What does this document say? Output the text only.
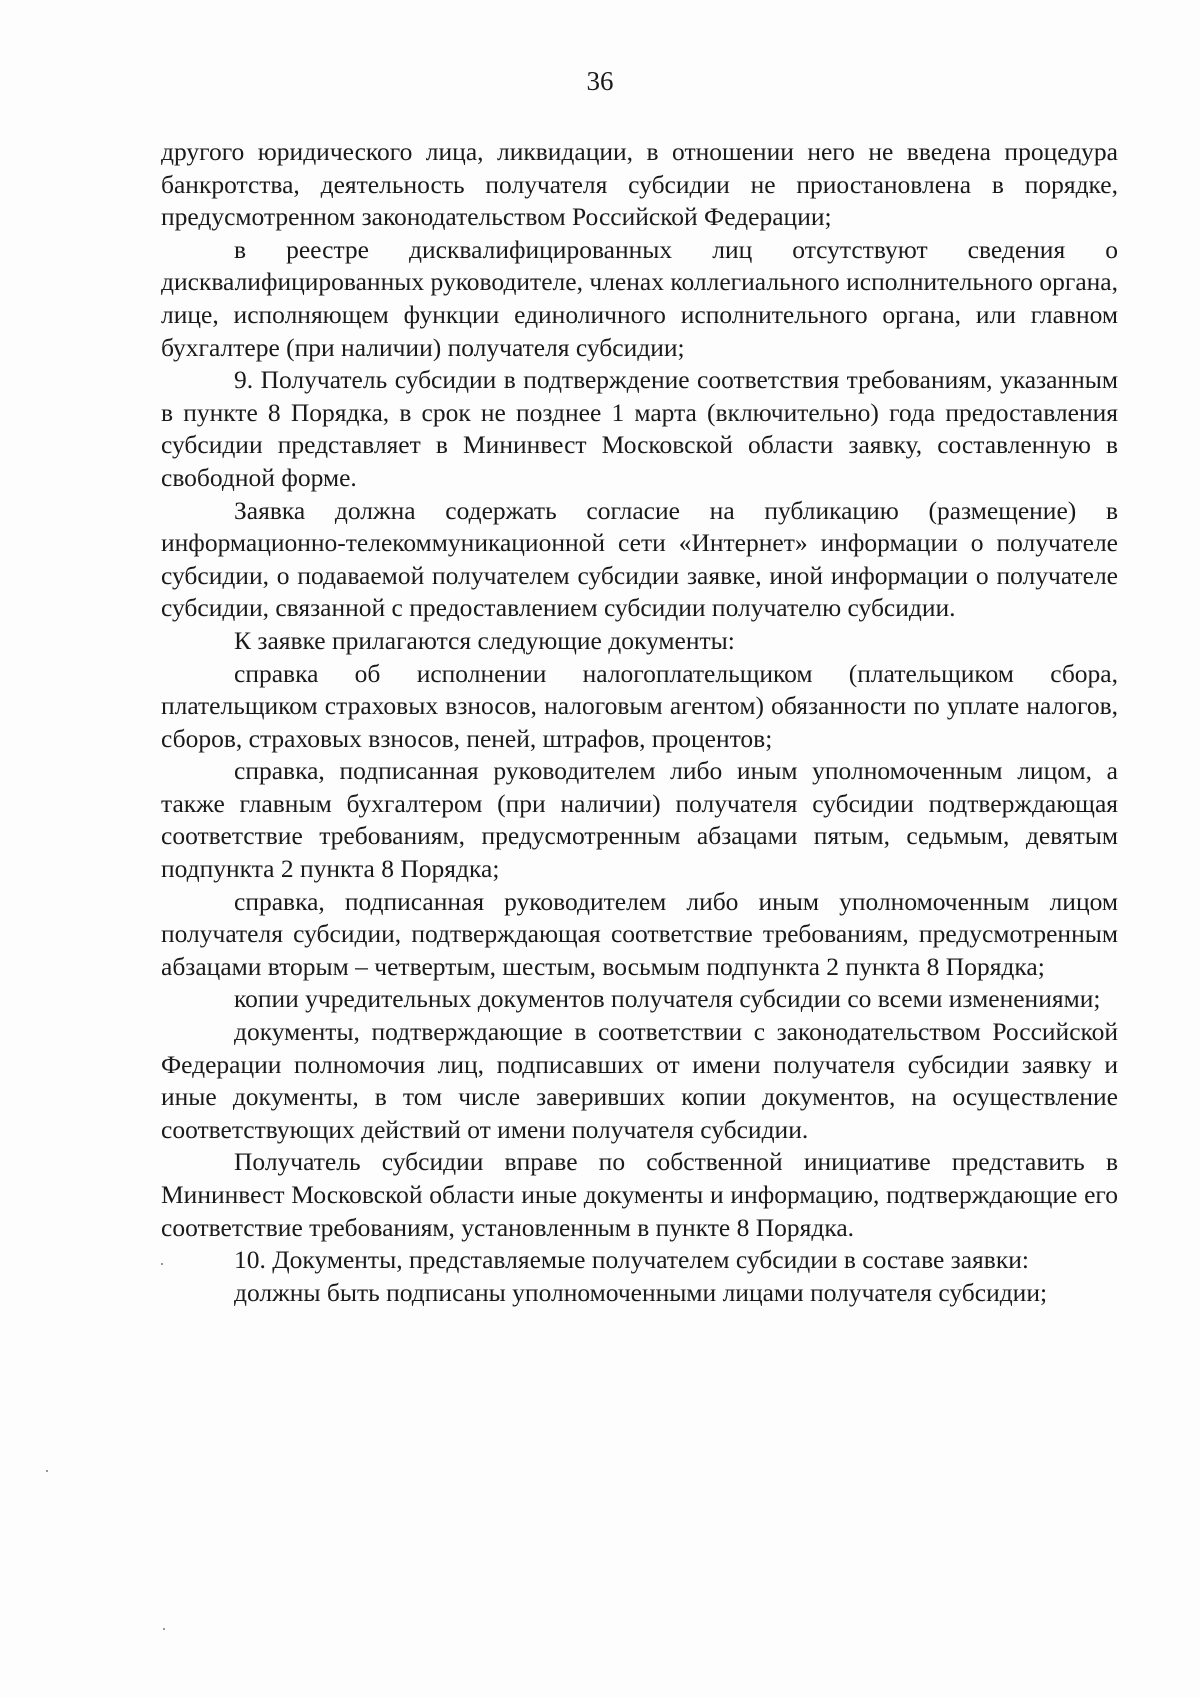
36

другого юридического лица, ликвидации, в отношении него не введена процедура банкротства, деятельность получателя субсидии не приостановлена в порядке, предусмотренном законодательством Российской Федерации;

в реестре дисквалифицированных лиц отсутствуют сведения о дисквалифицированных руководителе, членах коллегиального исполнительного органа, лице, исполняющем функции единоличного исполнительного органа, или главном бухгалтере (при наличии) получателя субсидии;

9. Получатель субсидии в подтверждение соответствия требованиям, указанным в пункте 8 Порядка, в срок не позднее 1 марта (включительно) года предоставления субсидии представляет в Мининвест Московской области заявку, составленную в свободной форме.

Заявка должна содержать согласие на публикацию (размещение) в информационно-телекоммуникационной сети «Интернет» информации о получателе субсидии, о подаваемой получателем субсидии заявке, иной информации о получателе субсидии, связанной с предоставлением субсидии получателю субсидии.

К заявке прилагаются следующие документы:

справка об исполнении налогоплательщиком (плательщиком сбора, плательщиком страховых взносов, налоговым агентом) обязанности по уплате налогов, сборов, страховых взносов, пеней, штрафов, процентов;

справка, подписанная руководителем либо иным уполномоченным лицом, а также главным бухгалтером (при наличии) получателя субсидии подтверждающая соответствие требованиям, предусмотренным абзацами пятым, седьмым, девятым подпункта 2 пункта 8 Порядка;

справка, подписанная руководителем либо иным уполномоченным лицом получателя субсидии, подтверждающая соответствие требованиям, предусмотренным абзацами вторым – четвертым, шестым, восьмым подпункта 2 пункта 8 Порядка;

копии учредительных документов получателя субсидии со всеми изменениями;

документы, подтверждающие в соответствии с законодательством Российской Федерации полномочия лиц, подписавших от имени получателя субсидии заявку и иные документы, в том числе заверивших копии документов, на осуществление соответствующих действий от имени получателя субсидии.

Получатель субсидии вправе по собственной инициативе представить в Мининвест Московской области иные документы и информацию, подтверждающие его соответствие требованиям, установленным в пункте 8 Порядка.

10. Документы, представляемые получателем субсидии в составе заявки:

должны быть подписаны уполномоченными лицами получателя субсидии;
